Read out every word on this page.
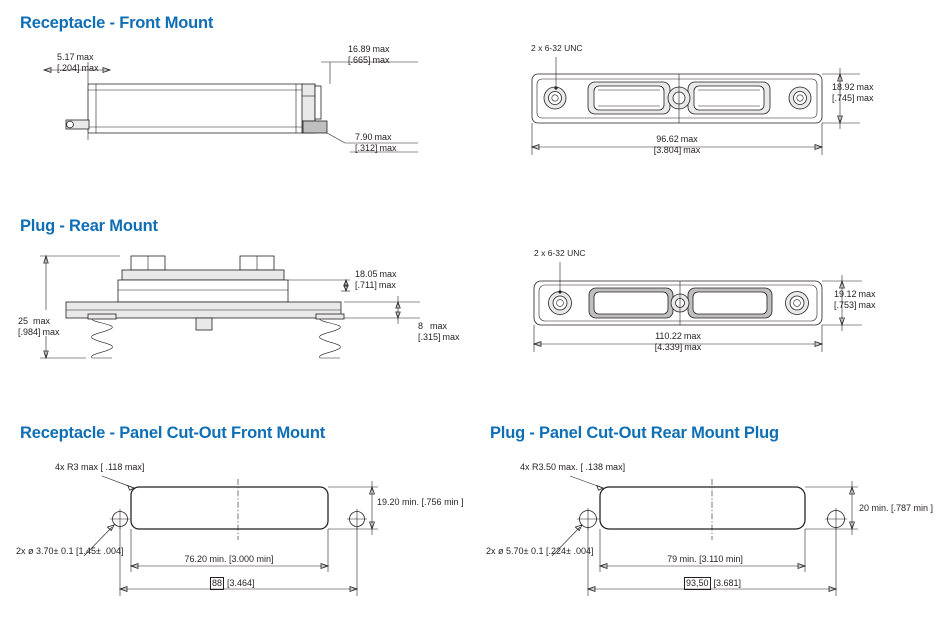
Receptacle - Front Mount
Plug - Rear Mount
Receptacle - Panel Cut-Out Front Mount	Plug - Panel Cut-Out Rear Mount Plug
5.17 max
[.204] max
16.89 max
[.665] max
7.90 max
[.312] max
2 x 6-32 UNC
18.92 max
[.745] max
96.62 max
[3.804] max
18.05 max
[.711] max
25 max
[.984] max
8 max
[.315] max
2 x 6-32 UNC
19.12 max
[.753] max
110.22 max
[4.339] max
4x R3 max [ .118 max]
2x ø 3.70± 0.1 [1.45± .004]
19.20 min. [.756 min ]
76.20 min. [3.000 min]
88 [3.464]
4x R3.50 max. [ .138 max]
2x ø 5.70± 0.1 [.224± .004]
20 min. [.787 min ]
79 min. [3.110 min]
93,50 [3.681]
